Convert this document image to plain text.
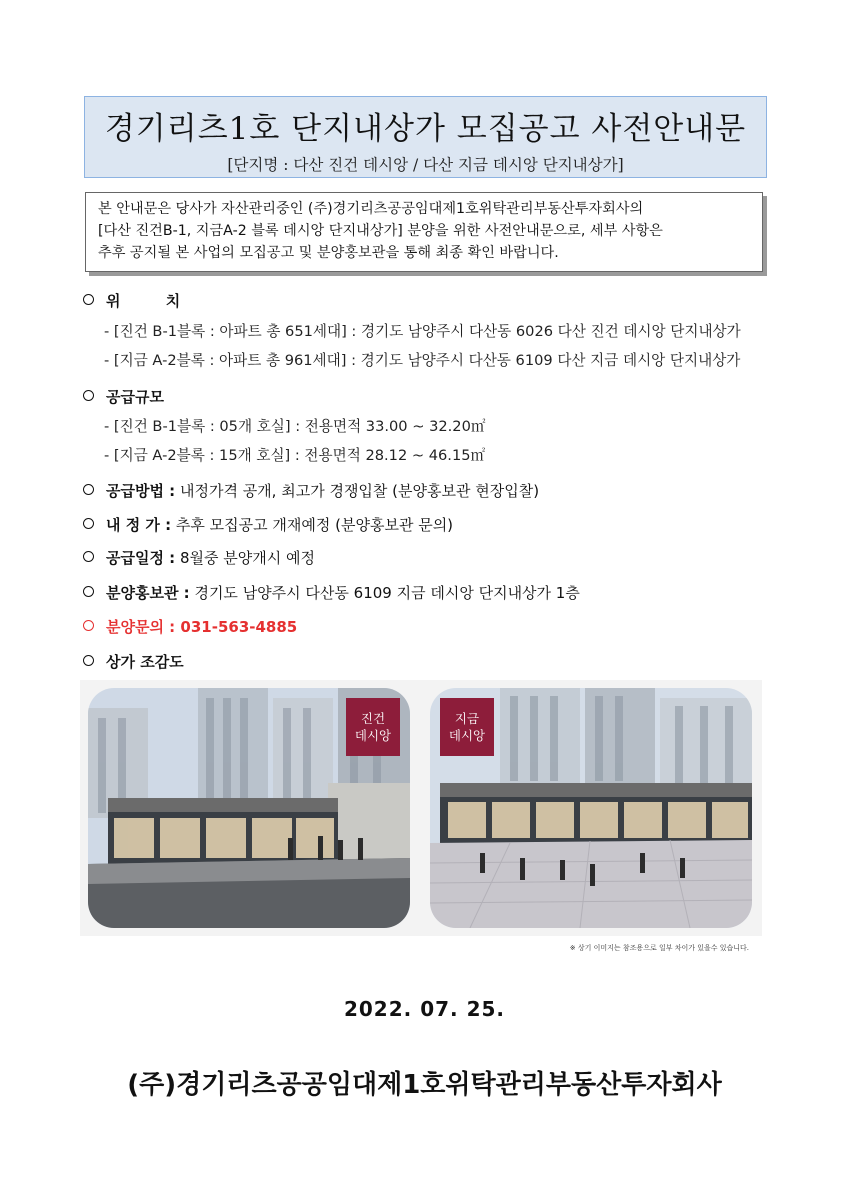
경기리츠1호 단지내상가 모집공고 사전안내문
[단지명 : 다산 진건 데시앙 / 다산 지금 데시앙 단지내상가]
본 안내문은 당사가 자산관리중인 (주)경기리츠공공임대제1호위탁관리부동산투자회사의
[다산 진건B-1, 지금A-2 블록 데시앙 단지내상가] 분양을 위한 사전안내문으로, 세부 사항은
추후 공지될 본 사업의 모집공고 및 분양홍보관을 통해 최종 확인 바랍니다.
위 치
- [진건 B-1블록 : 아파트 총 651세대] : 경기도 남양주시 다산동 6026 다산 진건 데시앙 단지내상가
- [지금 A-2블록 : 아파트 총 961세대] : 경기도 남양주시 다산동 6109 다산 지금 데시앙 단지내상가
공급규모
- [진건 B-1블록 : 05개 호실] : 전용면적 33.00 ~ 32.20㎡
- [지금 A-2블록 : 15개 호실] : 전용면적 28.12 ~ 46.15㎡
공급방법 : 내정가격 공개, 최고가 경쟁입찰 (분양홍보관 현장입찰)
내 정 가 : 추후 모집공고 개재예정 (분양홍보관 문의)
공급일정 : 8월중 분양개시 예정
분양홍보관 : 경기도 남양주시 다산동 6109 지금 데시앙 단지내상가 1층
분양문의 : 031-563-4885
상가 조감도
진건
데시앙
지금
데시앙
※ 상기 이미지는 참조용으로 일부 차이가 있을수 있습니다.
2022. 07. 25.
(주)경기리츠공공임대제1호위탁관리부동산투자회사
